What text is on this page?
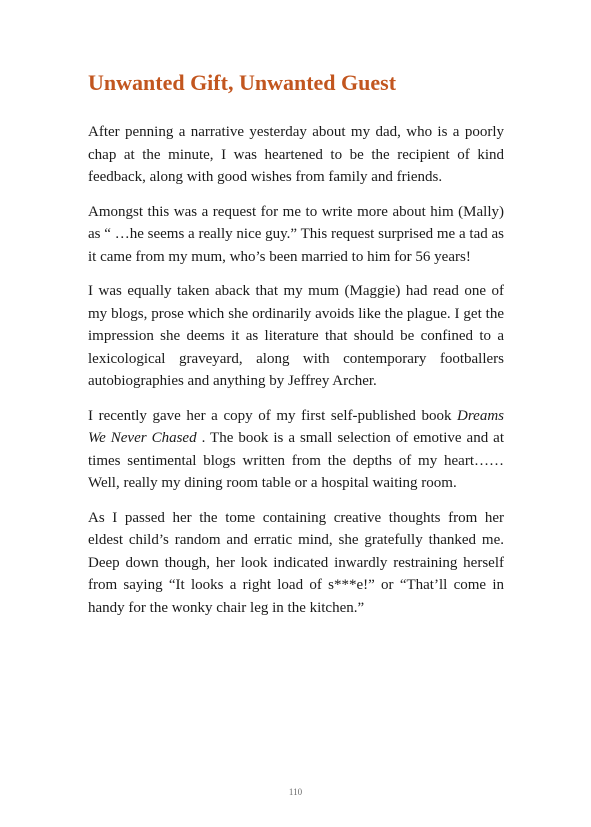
Unwanted Gift, Unwanted Guest

After penning a narrative yesterday about my dad, who is a poorly chap at the minute, I was heartened to be the recipient of kind feedback, along with good wishes from family and friends.

Amongst this was a request for me to write more about him (Mally) as “ …he seems a really nice guy.” This request surprised me a tad as it came from my mum, who’s been married to him for 56 years!

I was equally taken aback that my mum (Maggie) had read one of my blogs, prose which she ordinarily avoids like the plague. I get the impression she deems it as literature that should be confined to a lexicological graveyard, along with contemporary footballers autobiographies and anything by Jeffrey Archer.

I recently gave her a copy of my first self-published book Dreams We Never Chased . The book is a small selection of emotive and at times sentimental blogs written from the depths of my heart…… Well, really my dining room table or a hospital waiting room.

As I passed her the tome containing creative thoughts from her eldest child’s random and erratic mind, she gratefully thanked me. Deep down though, her look indicated inwardly restraining herself from saying “It looks a right load of s***e!” or “That’ll come in handy for the wonky chair leg in the kitchen.”

110
